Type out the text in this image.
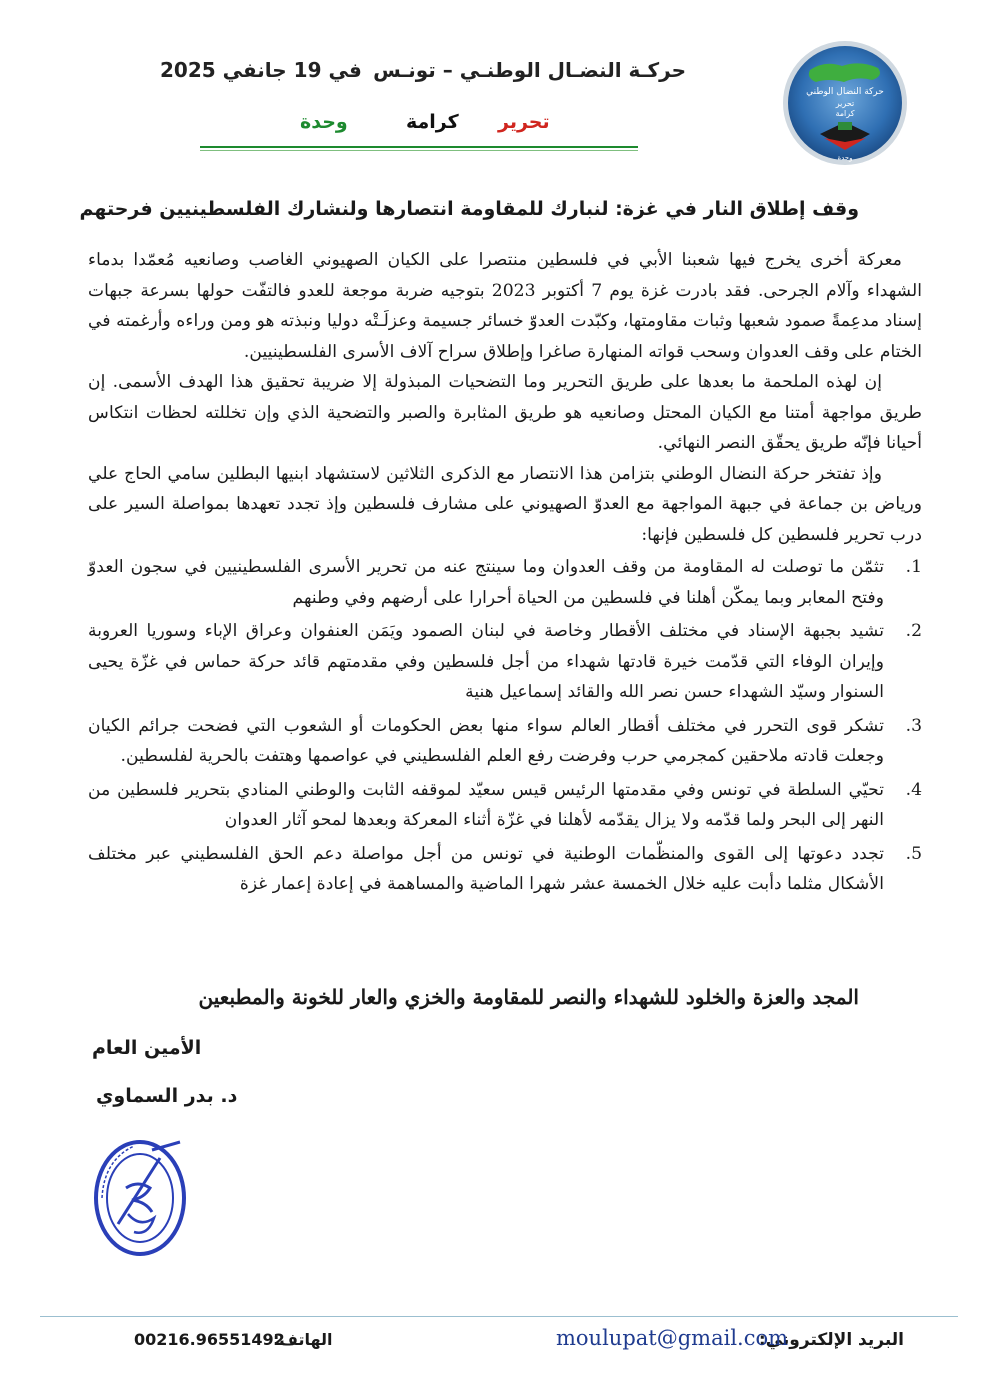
حركة النضال الوطني
تحرير
كرامة
وحدة
حركـة النضـال الوطنـي – تونـس
في 19 جانفي 2025
تحرير
كرامة
وحدة
وقف إطلاق النار في غزة: لنبارك للمقاومة انتصارها ولنشارك الفلسطينيين فرحتهم

معركة أخرى يخرج فيها شعبنا الأبي في فلسطين منتصرا على الكيان الصهيوني الغاصب وصانعيه مُعمّدا بدماء الشهداء وآلام الجرحى. فقد بادرت غزة يوم 7 أكتوبر 2023 بتوجيه ضربة موجعة للعدو فالتفّت حولها بسرعة جبهات إسناد مدعِمةً صمود شعبها وثبات مقاومتها، وكبّدت العدوّ خسائر جسيمة وعزلَـتْه دوليا ونبذته هو ومن وراءه وأرغمته في الختام على وقف العدوان وسحب قواته المنهارة صاغرا وإطلاق سراح آلاف الأسرى الفلسطينيين.

إن لهذه الملحمة ما بعدها على طريق التحرير وما التضحيات المبذولة إلا ضريبة تحقيق هذا الهدف الأسمى. إن طريق مواجهة أمتنا مع الكيان المحتل وصانعيه هو طريق المثابرة والصبر والتضحية الذي وإن تخللته لحظات انتكاس أحيانا فإنّه طريق يحقّق النصر النهائي.

وإذ تفتخر حركة النضال الوطني بتزامن هذا الانتصار مع الذكرى الثلاثين لاستشهاد ابنيها البطلين سامي الحاج علي ورياض بن جماعة في جبهة المواجهة مع العدوّ الصهيوني على مشارف فلسطين وإذ تجدد تعهدها بمواصلة السير على درب تحرير فلسطين كل فلسطين فإنها:

1.
تثمّن ما توصلت له المقاومة من وقف العدوان وما سينتج عنه من تحرير الأسرى الفلسطينيين في سجون العدوّ وفتح المعابر وبما يمكّن أهلنا في فلسطين من الحياة أحرارا على أرضهم وفي وطنهم
2.
تشيد بجبهة الإسناد في مختلف الأقطار وخاصة في لبنان الصمود ويَمَن العنفوان وعراق الإباء وسوريا العروبة وإيران الوفاء التي قدّمت خيرة قادتها شهداء من أجل فلسطين وفي مقدمتهم قائد حركة حماس في غزّة يحيى السنوار وسيّد الشهداء حسن نصر الله والقائد إسماعيل هنية
3.
تشكر قوى التحرر في مختلف أقطار العالم سواء منها بعض الحكومات أو الشعوب التي فضحت جرائم الكيان وجعلت قادته ملاحقين كمجرمي حرب وفرضت رفع العلم الفلسطيني في عواصمها وهتفت بالحرية لفلسطين.
4.
تحيّي السلطة في تونس وفي مقدمتها الرئيس قيس سعيّد لموقفه الثابت والوطني المنادي بتحرير فلسطين من النهر إلى البحر ولما قدّمه ولا يزال يقدّمه لأهلنا في غزّة أثناء المعركة وبعدها لمحو آثار العدوان
5.
تجدد دعوتها إلى القوى والمنظّمات الوطنية في تونس من أجل مواصلة دعم الحق الفلسطيني عبر مختلف الأشكال مثلما دأبت عليه خلال الخمسة عشر شهرا الماضية والمساهمة في إعادة إعمار غزة
المجد والعزة والخلود للشهداء والنصر للمقاومة والخزي والعار للخونة والمطبعين
الأمين العام
د. بدر السماوي
البريد الإلكتروني:
moulupat@gmail.com
الهاتف:
00216.96551492
